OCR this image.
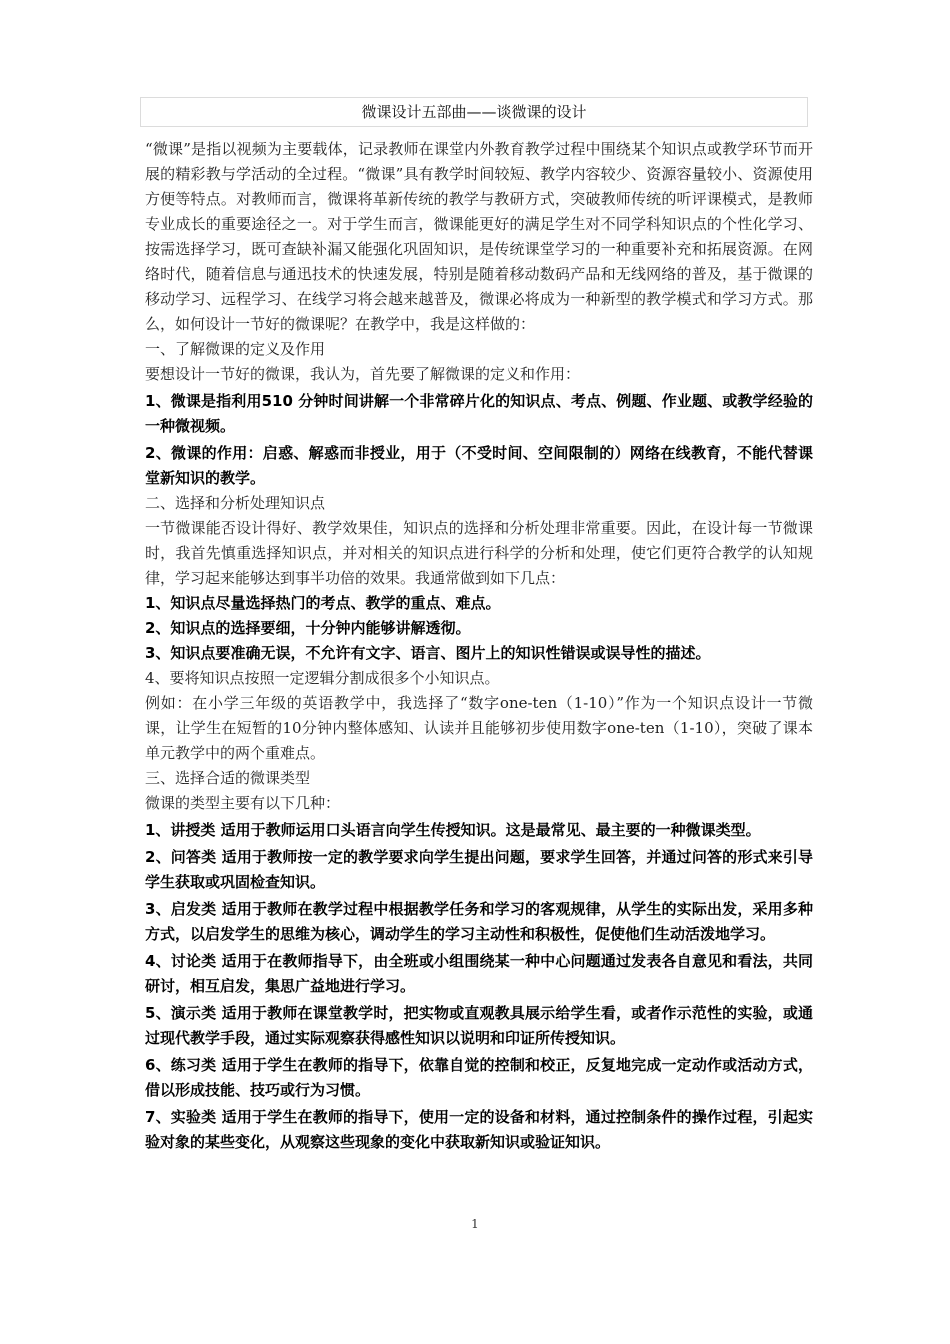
微课设计五部曲——谈微课的设计

“微课”是指以视频为主要载体，记录教师在课堂内外教育教学过程中围绕某个知识点或教学环节而开展的精彩教与学活动的全过程。“微课”具有教学时间较短、教学内容较少、资源容量较小、资源使用方便等特点。对教师而言，微课将革新传统的教学与教研方式，突破教师传统的听评课模式，是教师专业成长的重要途径之一。对于学生而言，微课能更好的满足学生对不同学科知识点的个性化学习、按需选择学习，既可查缺补漏又能强化巩固知识，是传统课堂学习的一种重要补充和拓展资源。在网络时代，随着信息与通迅技术的快速发展，特别是随着移动数码产品和无线网络的普及，基于微课的移动学习、远程学习、在线学习将会越来越普及，微课必将成为一种新型的教学模式和学习方式。那么，如何设计一节好的微课呢？在教学中，我是这样做的：

一、了解微课的定义及作用

要想设计一节好的微课，我认为，首先要了解微课的定义和作用：

1、微课是指利用510 分钟时间讲解一个非常碎片化的知识点、考点、例题、作业题、或教学经验的一种微视频。

2、微课的作用：启惑、解惑而非授业，用于（不受时间、空间限制的）网络在线教育，不能代替课堂新知识的教学。

二、选择和分析处理知识点

一节微课能否设计得好、教学效果佳，知识点的选择和分析处理非常重要。因此，在设计每一节微课时，我首先慎重选择知识点，并对相关的知识点进行科学的分析和处理，使它们更符合教学的认知规律，学习起来能够达到事半功倍的效果。我通常做到如下几点：

1、知识点尽量选择热门的考点、教学的重点、难点。

2、知识点的选择要细，十分钟内能够讲解透彻。

3、知识点要准确无误，不允许有文字、语言、图片上的知识性错误或误导性的描述。

4、要将知识点按照一定逻辑分割成很多个小知识点。

例如：在小学三年级的英语教学中，我选择了“数字one-ten（1-10）”作为一个知识点设计一节微课，让学生在短暂的10分钟内整体感知、认读并且能够初步使用数字one-ten（1-10），突破了课本单元教学中的两个重难点。

三、选择合适的微课类型

微课的类型主要有以下几种：

1、讲授类 适用于教师运用口头语言向学生传授知识。这是最常见、最主要的一种微课类型。

2、问答类 适用于教师按一定的教学要求向学生提出问题，要求学生回答，并通过问答的形式来引导学生获取或巩固检查知识。

3、启发类 适用于教师在教学过程中根据教学任务和学习的客观规律，从学生的实际出发，采用多种方式，以启发学生的思维为核心，调动学生的学习主动性和积极性，促使他们生动活泼地学习。

4、讨论类 适用于在教师指导下，由全班或小组围绕某一种中心问题通过发表各自意见和看法，共同研讨，相互启发，集思广益地进行学习。

5、演示类 适用于教师在课堂教学时，把实物或直观教具展示给学生看，或者作示范性的实验，或通过现代教学手段，通过实际观察获得感性知识以说明和印证所传授知识。

6、练习类 适用于学生在教师的指导下，依靠自觉的控制和校正，反复地完成一定动作或活动方式，借以形成技能、技巧或行为习惯。

7、实验类 适用于学生在教师的指导下，使用一定的设备和材料，通过控制条件的操作过程，引起实验对象的某些变化，从观察这些现象的变化中获取新知识或验证知识。

1
